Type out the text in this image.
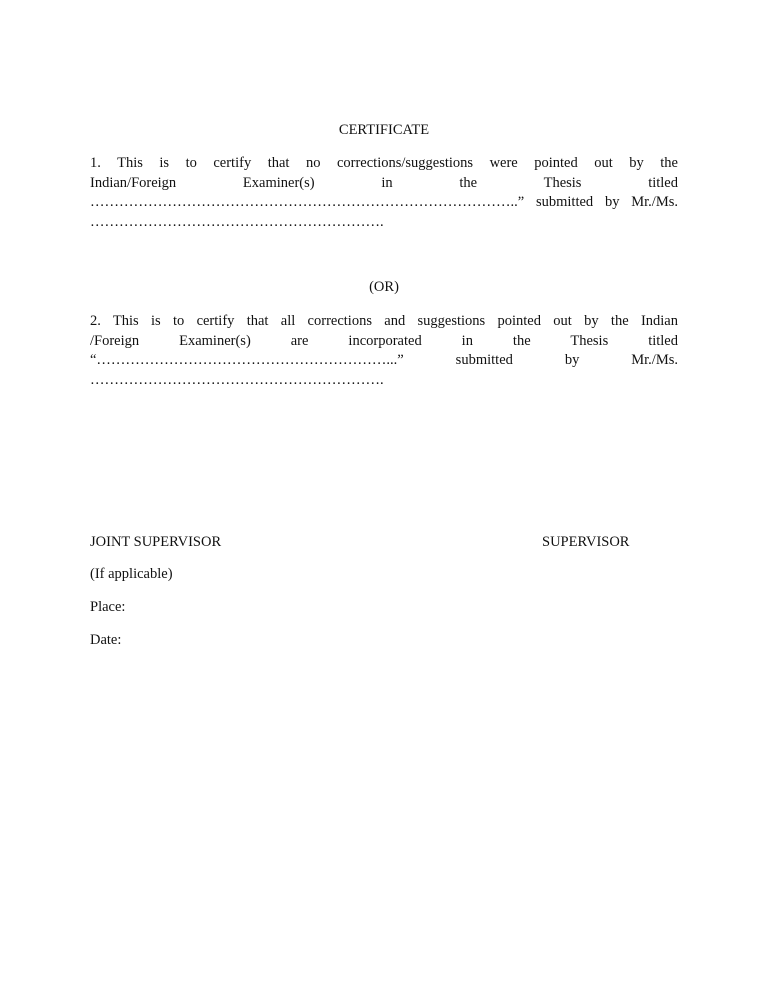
CERTIFICATE
1. This is to certify that no corrections/suggestions were pointed out by the
Indian/Foreign Examiner(s) in the Thesis titled
……………………………………………………………………………..” submitted by Mr./Ms.
…………………………………………………….
(OR)
2. This is to certify that all corrections and suggestions pointed out by the Indian
/Foreign Examiner(s) are incorporated in the Thesis titled
“……………………………………………………...” submitted by Mr./Ms.
…………………………………………………….
JOINT SUPERVISOR	SUPERVISOR
(If applicable)
Place:
Date:
